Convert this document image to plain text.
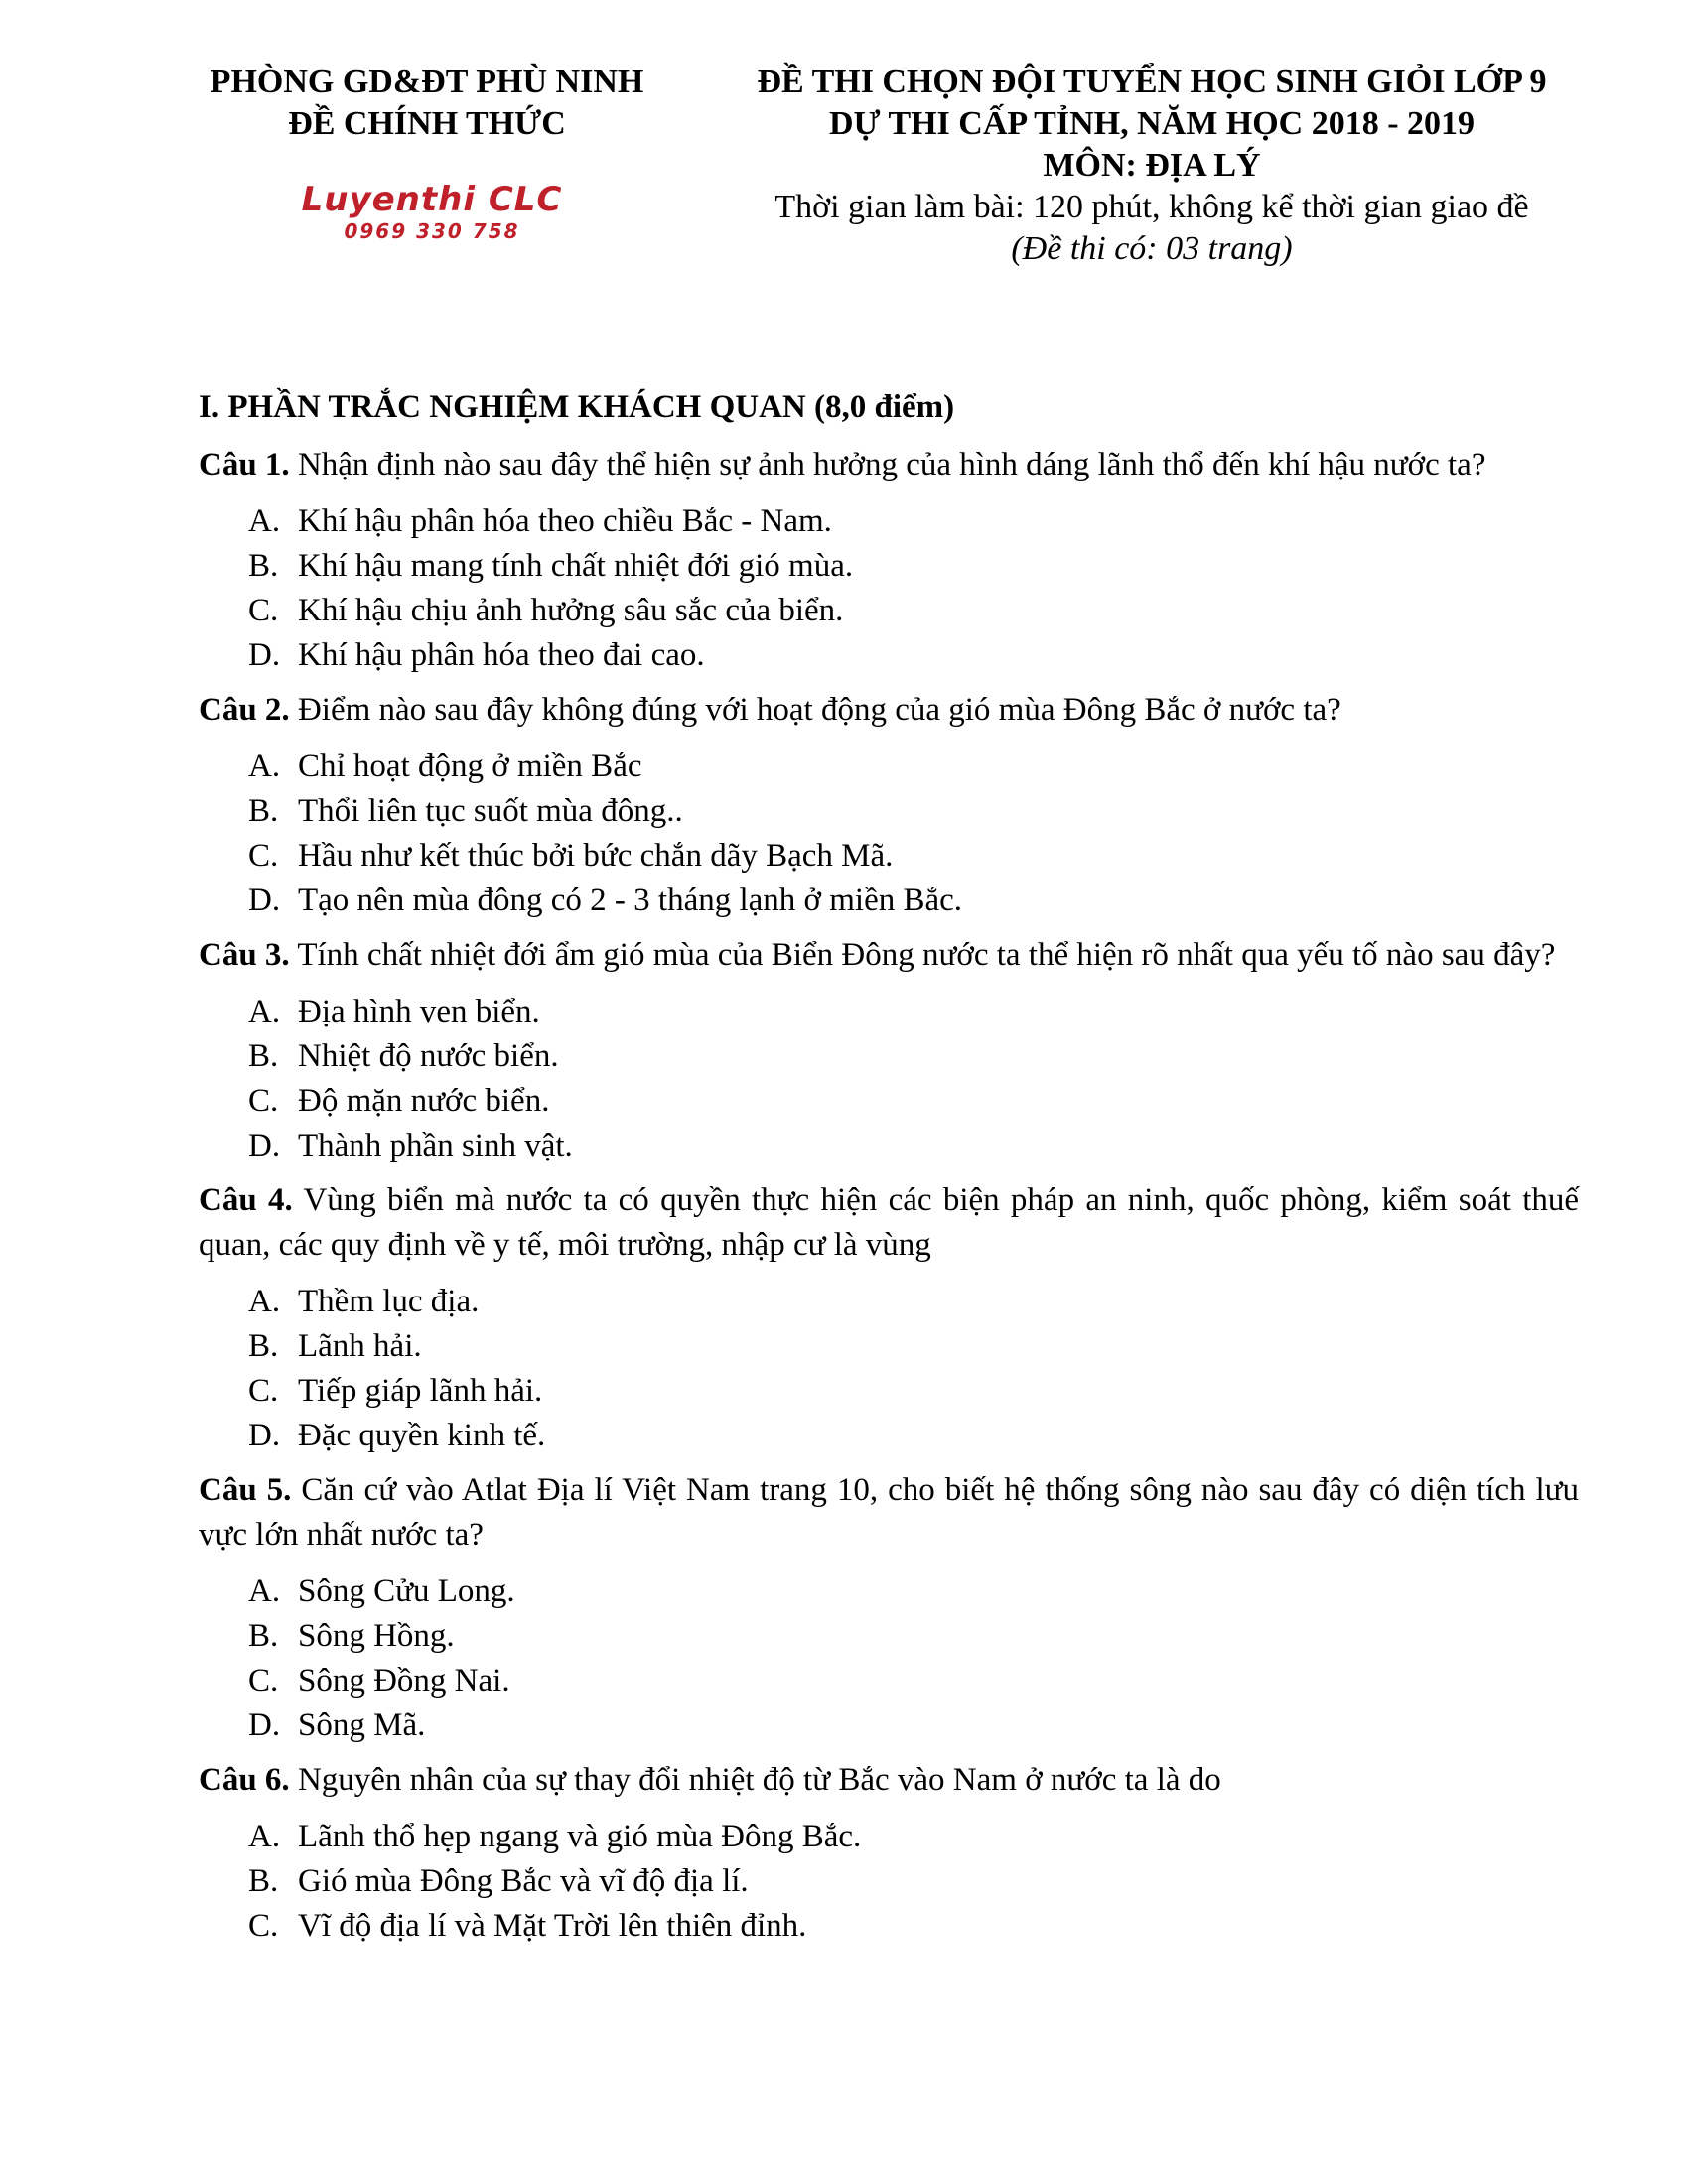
PHÒNG GD&ĐT PHÙ NINH
ĐỀ CHÍNH THỨC
Luyenthi CLC
0969 330 758
ĐỀ THI CHỌN ĐỘI TUYỂN HỌC SINH GIỎI LỚP 9
DỰ THI CẤP TỈNH, NĂM HỌC 2018 - 2019
MÔN: ĐỊA LÝ
Thời gian làm bài: 120 phút, không kể thời gian giao đề
(Đề thi có: 03 trang)
I. PHẦN TRẮC NGHIỆM KHÁCH QUAN (8,0 điểm)
Câu 1. Nhận định nào sau đây thể hiện sự ảnh hưởng của hình dáng lãnh thổ đến khí hậu nước ta?
A. Khí hậu phân hóa theo chiều Bắc - Nam.
B. Khí hậu mang tính chất nhiệt đới gió mùa.
C. Khí hậu chịu ảnh hưởng sâu sắc của biển.
D. Khí hậu phân hóa theo đai cao.
Câu 2. Điểm nào sau đây không đúng với hoạt động của gió mùa Đông Bắc ở nước ta?
A. Chỉ hoạt động ở miền Bắc
B. Thổi liên tục suốt mùa đông..
C. Hầu như kết thúc bởi bức chắn dãy Bạch Mã.
D. Tạo nên mùa đông có 2 - 3 tháng lạnh ở miền Bắc.
Câu 3. Tính chất nhiệt đới ẩm gió mùa của Biển Đông nước ta thể hiện rõ nhất qua yếu tố nào sau đây?
A. Địa hình ven biển.
B. Nhiệt độ nước biển.
C. Độ mặn nước biển.
D. Thành phần sinh vật.
Câu 4. Vùng biển mà nước ta có quyền thực hiện các biện pháp an ninh, quốc phòng, kiểm soát thuế quan, các quy định về y tế, môi trường, nhập cư là vùng
A. Thềm lục địa.
B. Lãnh hải.
C. Tiếp giáp lãnh hải.
D. Đặc quyền kinh tế.
Câu 5. Căn cứ vào Atlat Địa lí Việt Nam trang 10, cho biết hệ thống sông nào sau đây có diện tích lưu vực lớn nhất nước ta?
A. Sông Cửu Long.
B. Sông Hồng.
C. Sông Đồng Nai.
D. Sông Mã.
Câu 6. Nguyên nhân của sự thay đổi nhiệt độ từ Bắc vào Nam ở nước ta là do
A. Lãnh thổ hẹp ngang và gió mùa Đông Bắc.
B. Gió mùa Đông Bắc và vĩ độ địa lí.
C. Vĩ độ địa lí và Mặt Trời lên thiên đỉnh.
